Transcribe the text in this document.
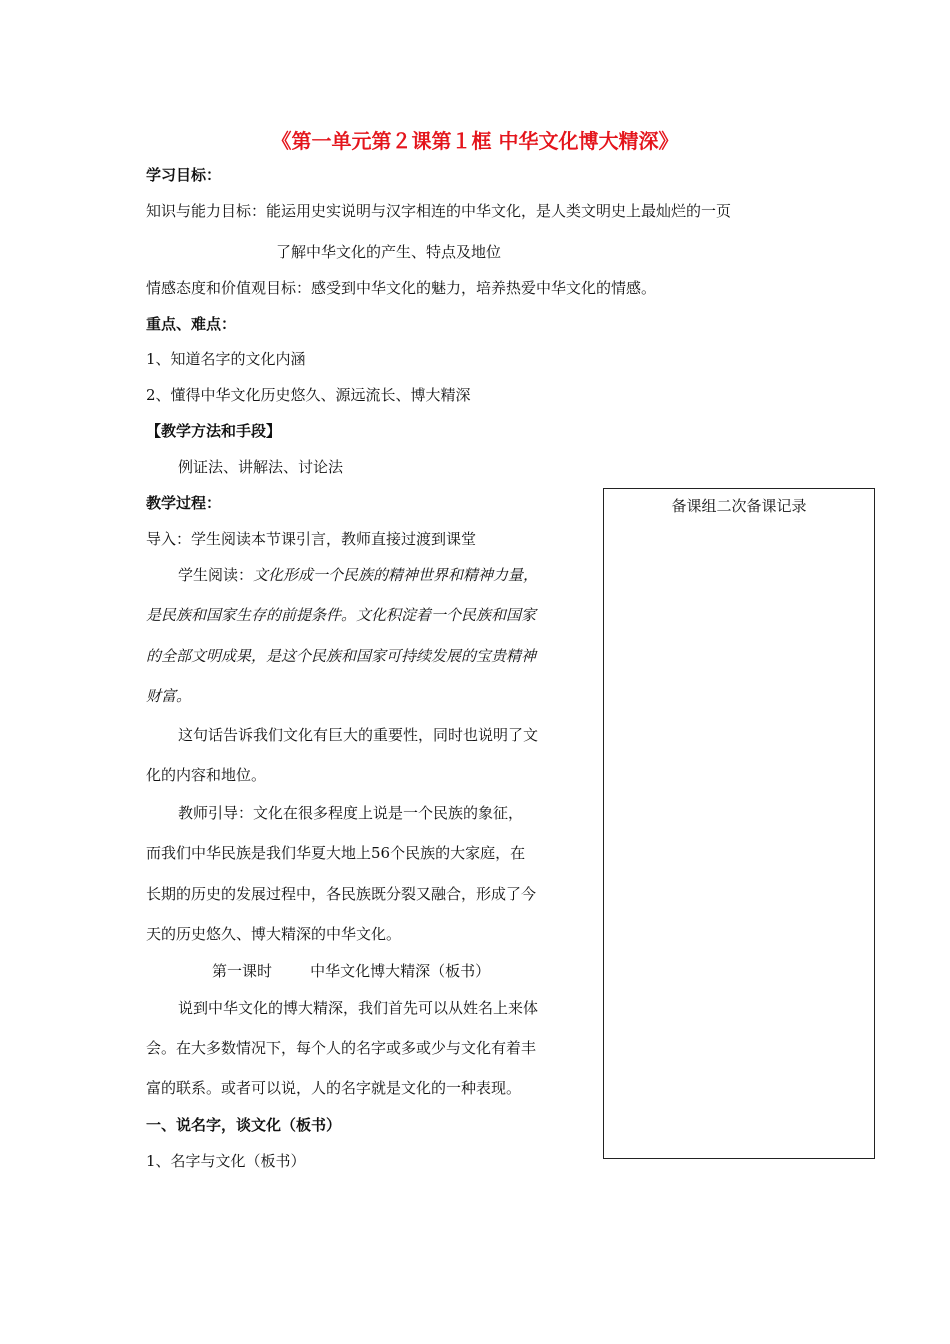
《第一单元第２课第１框 中华文化博大精深》
学习目标：
知识与能力目标：能运用史实说明与汉字相连的中华文化，是人类文明史上最灿烂的一页
了解中华文化的产生、特点及地位
情感态度和价值观目标：感受到中华文化的魅力，培养热爱中华文化的情感。
重点、难点：
1、知道名字的文化内涵
2、懂得中华文化历史悠久、源远流长、博大精深
【教学方法和手段】
例证法、讲解法、讨论法
教学过程：
导入：学生阅读本节课引言，教师直接过渡到课堂
学生阅读：文化形成一个民族的精神世界和精神力量，
是民族和国家生存的前提条件。文化积淀着一个民族和国家
的全部文明成果，是这个民族和国家可持续发展的宝贵精神
财富。
这句话告诉我们文化有巨大的重要性，同时也说明了文
化的内容和地位。
教师引导：文化在很多程度上说是一个民族的象征，
而我们中华民族是我们华夏大地上56个民族的大家庭，在
长期的历史的发展过程中，各民族既分裂又融合，形成了今
天的历史悠久、博大精深的中华文化。
第一课时        中华文化博大精深（板书）
说到中华文化的博大精深，我们首先可以从姓名上来体
会。在大多数情况下，每个人的名字或多或少与文化有着丰
富的联系。或者可以说，人的名字就是文化的一种表现。
一、说名字，谈文化（板书）
1、名字与文化（板书）
备课组二次备课记录
